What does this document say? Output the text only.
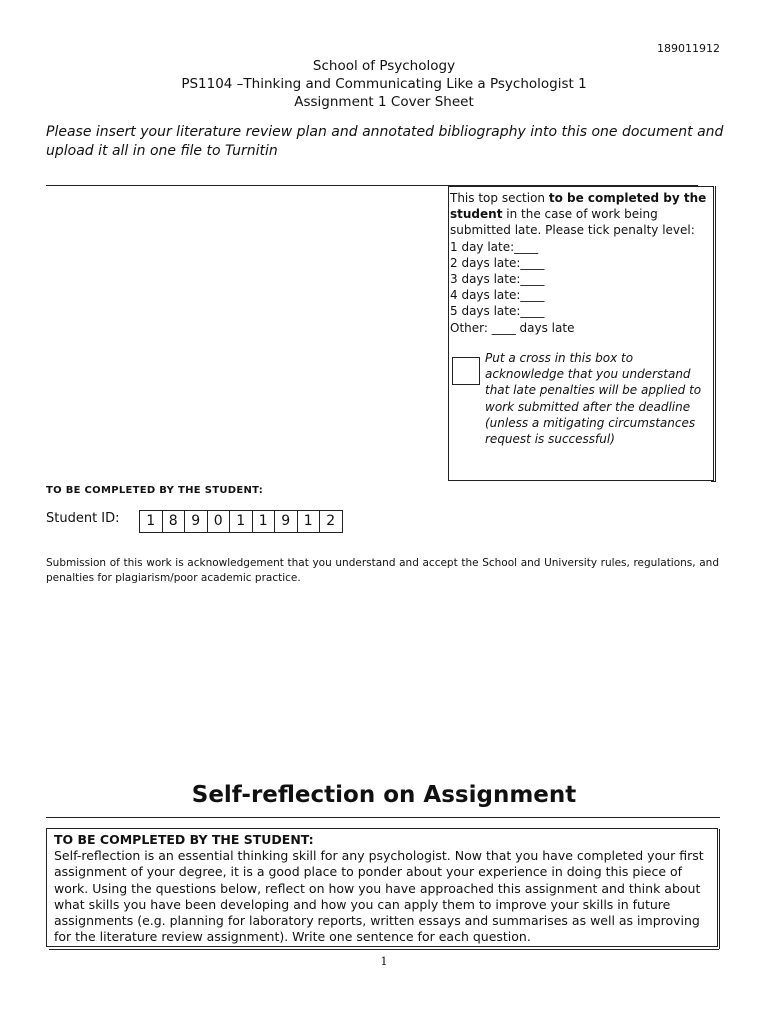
189011912
School of Psychology
PS1104 –Thinking and Communicating Like a Psychologist 1
Assignment 1 Cover Sheet
Please insert your literature review plan and annotated bibliography into this one document and upload it all in one file to Turnitin
This top section to be completed by the student in the case of work being submitted late. Please tick penalty level:
1 day late:____
2 days late:____
3 days late:____
4 days late:____
5 days late:____
Other: ____ days late
Put a cross in this box to acknowledge that you understand that late penalties will be applied to work submitted after the deadline (unless a mitigating circumstances request is successful)
TO BE COMPLETED BY THE STUDENT:
Student ID:	1 8 9 0 1 1 9 1 2
Submission of this work is acknowledgement that you understand and accept the School and University rules, regulations, and penalties for plagiarism/poor academic practice.
Self-reflection on Assignment
TO BE COMPLETED BY THE STUDENT:
Self-reflection is an essential thinking skill for any psychologist. Now that you have completed your first assignment of your degree, it is a good place to ponder about your experience in doing this piece of work. Using the questions below, reflect on how you have approached this assignment and think about what skills you have been developing and how you can apply them to improve your skills in future assignments (e.g. planning for laboratory reports, written essays and summarises as well as improving for the literature review assignment). Write one sentence for each question.
1
